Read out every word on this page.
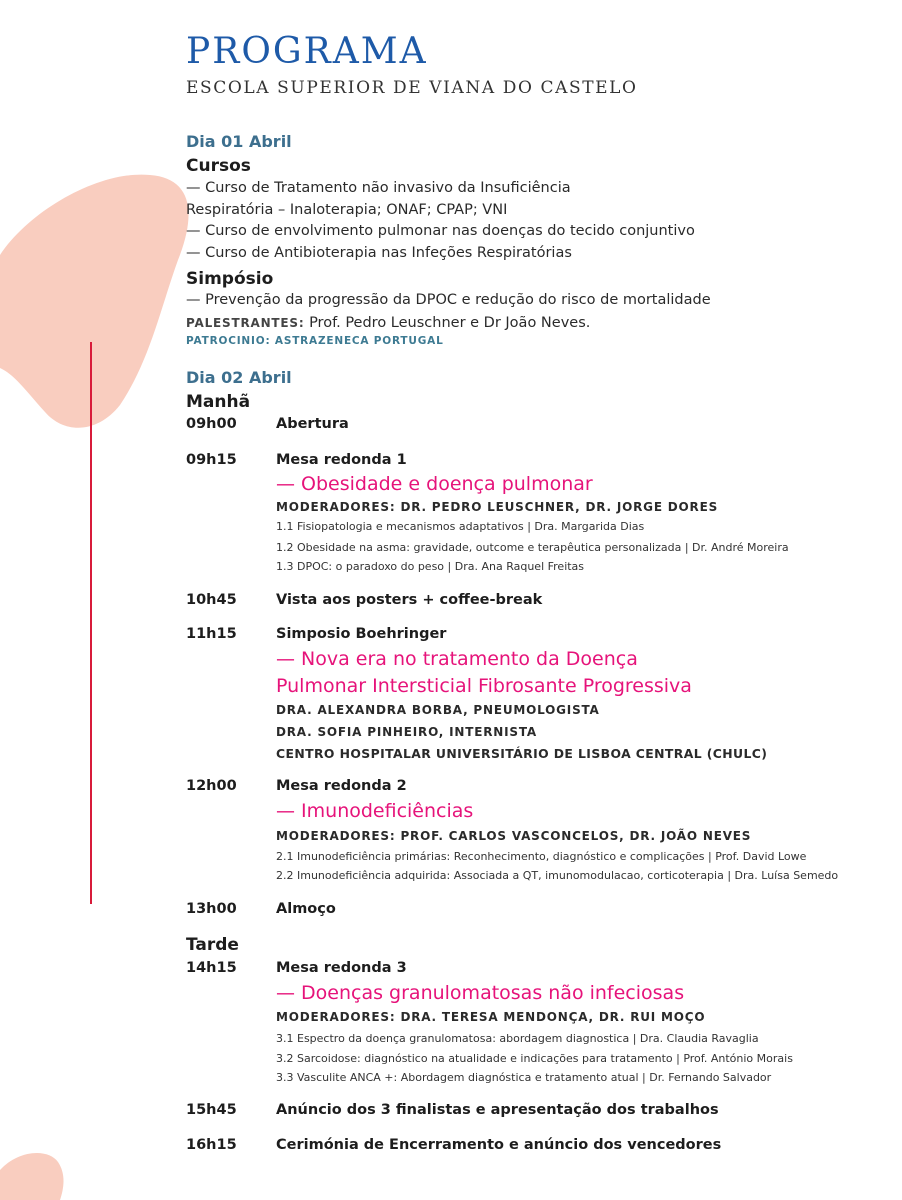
PROGRAMA
ESCOLA SUPERIOR DE VIANA DO CASTELO
Dia 01 Abril
Cursos
— Curso de Tratamento não invasivo da Insuficiência
Respiratória – Inaloterapia; ONAF; CPAP; VNI
— Curso de envolvimento pulmonar nas doenças do tecido conjuntivo
— Curso de Antibioterapia nas Infeções Respiratórias
Simpósio
— Prevenção da progressão da DPOC e redução do risco de mortalidade
PALESTRANTES: Prof. Pedro Leuschner e Dr João Neves.
PATROCINIO: ASTRAZENECA PORTUGAL
Dia 02 Abril
Manhã
09h00	Abertura
09h15	Mesa redonda 1
— Obesidade e doença pulmonar
MODERADORES: DR. PEDRO LEUSCHNER, DR. JORGE DORES
1.1 Fisiopatologia e mecanismos adaptativos | Dra. Margarida Dias
1.2 Obesidade na asma: gravidade, outcome e terapêutica personalizada | Dr. André Moreira
1.3 DPOC: o paradoxo do peso | Dra. Ana Raquel Freitas
10h45	Vista aos posters + coffee-break
11h15	Simposio Boehringer
— Nova era no tratamento da Doença
Pulmonar Intersticial Fibrosante Progressiva
DRA. ALEXANDRA BORBA, PNEUMOLOGISTA
DRA. SOFIA PINHEIRO, INTERNISTA
CENTRO HOSPITALAR UNIVERSITÁRIO DE LISBOA CENTRAL (CHULC)
12h00	Mesa redonda 2
— Imunodeficiências
MODERADORES: PROF. CARLOS VASCONCELOS, DR. JOÃO NEVES
2.1 Imunodeficiência primárias: Reconhecimento, diagnóstico e complicações | Prof. David Lowe
2.2 Imunodeficiência adquirida: Associada a QT, imunomodulacao, corticoterapia | Dra. Luísa Semedo
13h00	Almoço
Tarde
14h15	Mesa redonda 3
— Doenças granulomatosas não infeciosas
MODERADORES: DRA. TERESA MENDONÇA, DR. RUI MOÇO
3.1 Espectro da doença granulomatosa: abordagem diagnostica | Dra. Claudia Ravaglia
3.2 Sarcoidose: diagnóstico na atualidade e indicações para tratamento | Prof. António Morais
3.3 Vasculite ANCA +: Abordagem diagnóstica e tratamento atual | Dr. Fernando Salvador
15h45	Anúncio dos 3 finalistas e apresentação dos trabalhos
16h15	Cerimónia de Encerramento e anúncio dos vencedores
